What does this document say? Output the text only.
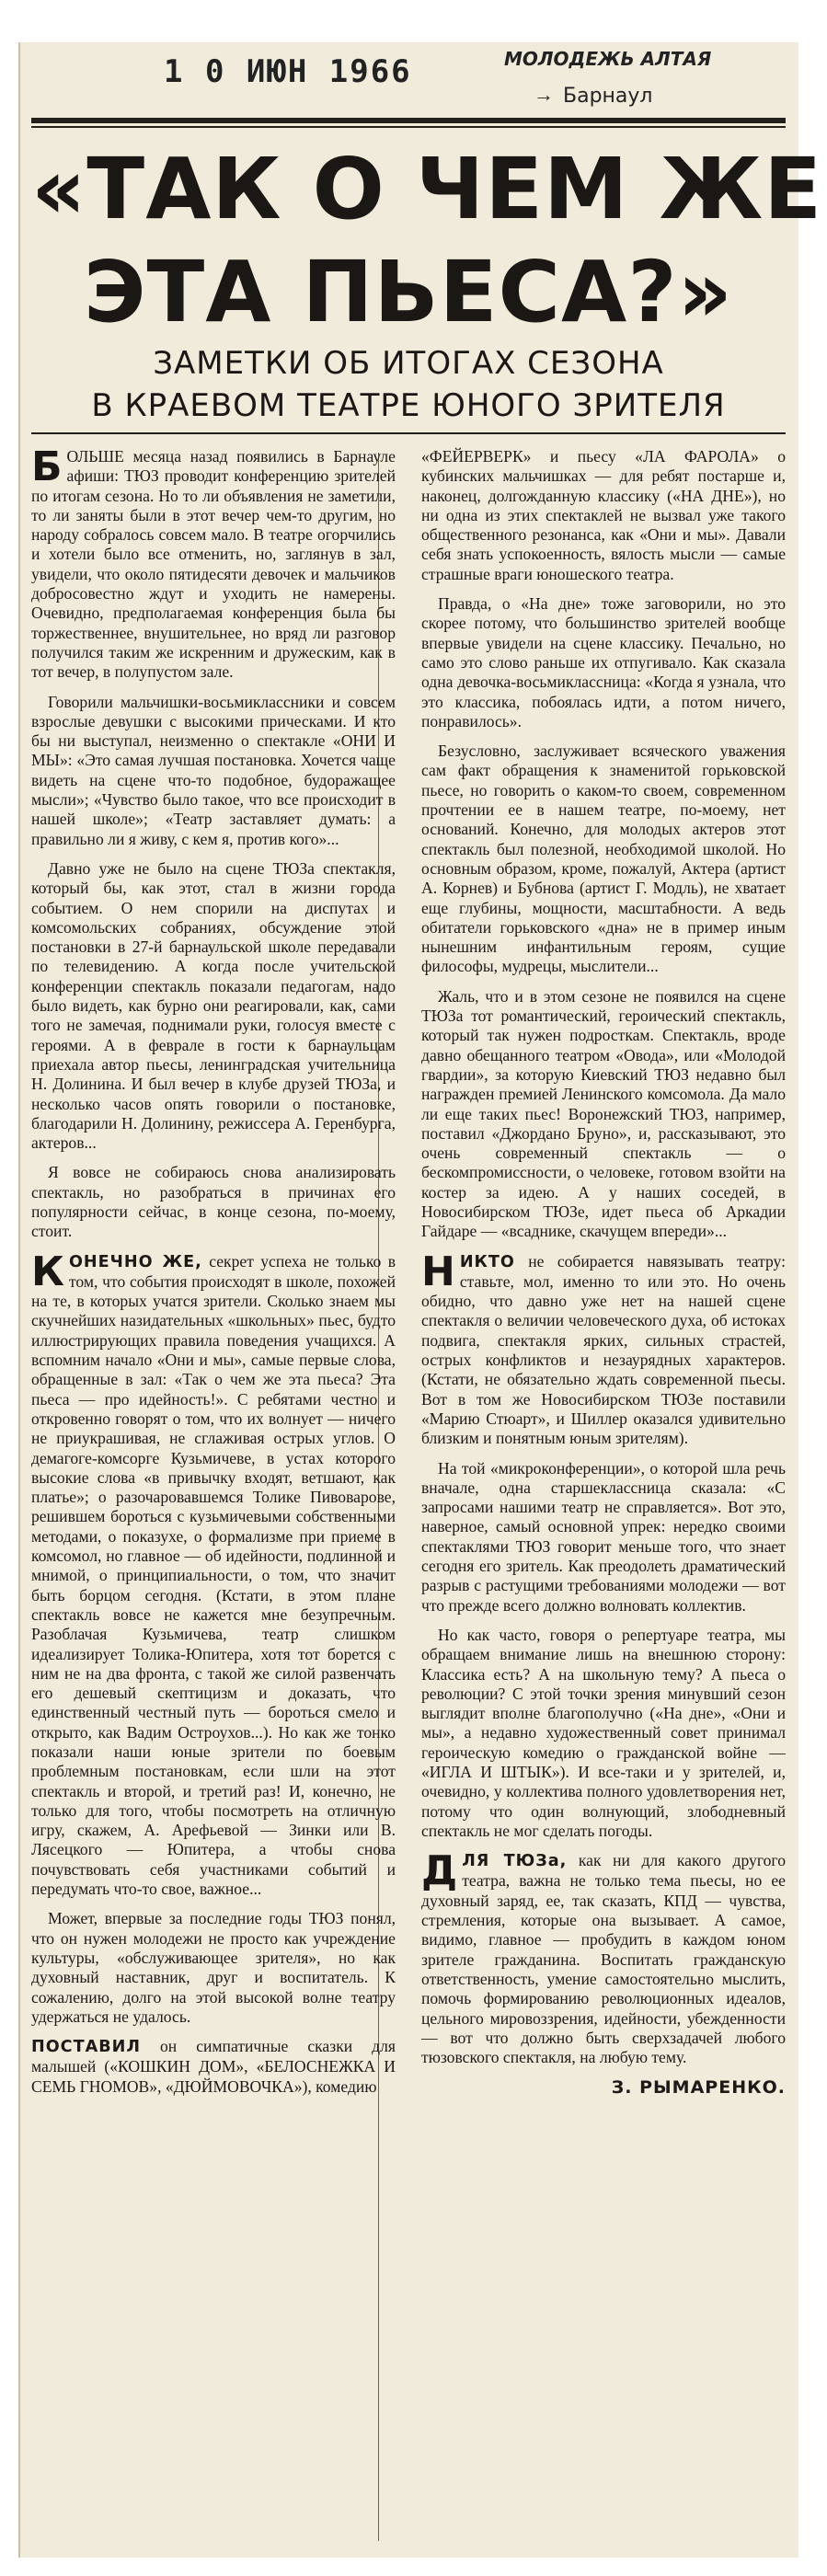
1 0 ИЮН 1966	МОЛОДЕЖЬ АЛТАЯ
→ Барнаул
«ТАК О ЧЕМ ЖЕ
ЭТА ПЬЕСА?»
ЗАМЕТКИ ОБ ИТОГАХ СЕЗОНА
В КРАЕВОМ ТЕАТРЕ ЮНОГО ЗРИТЕЛЯ

БОЛЬШЕ месяца назад появились в Барнауле афиши: ТЮЗ проводит конференцию зрителей по итогам сезона. Но то ли объявления не заметили, то ли заняты были в этот вечер чем-то другим, но народу собралось совсем мало. В театре огорчились и хотели было все отменить, но, заглянув в зал, увидели, что около пятидесяти девочек и мальчиков добросовестно ждут и уходить не намерены. Очевидно, предполагаемая конференция была бы торжественнее, внушительнее, но вряд ли разговор получился таким же искренним и дружеским, как в тот вечер, в полупустом зале.

Говорили мальчишки-восьмиклассники и совсем взрослые девушки с высокими прическами. И кто бы ни выступал, неизменно о спектакле «ОНИ И МЫ»: «Это самая лучшая постановка. Хочется чаще видеть на сцене что-то подобное, будоражащее мысли»; «Чувство было такое, что все происходит в нашей школе»; «Театр заставляет думать: а правильно ли я живу, с кем я, против кого»...

Давно уже не было на сцене ТЮЗа спектакля, который бы, как этот, стал в жизни города событием. О нем спорили на диспутах и комсомольских собраниях, обсуждение этой постановки в 27-й барнаульской школе передавали по телевидению. А когда после учительской конференции спектакль показали педагогам, надо было видеть, как бурно они реагировали, как, сами того не замечая, поднимали руки, голосуя вместе с героями. А в феврале в гости к барнаульцам приехала автор пьесы, ленинградская учительница Н. Долинина. И был вечер в клубе друзей ТЮЗа, и несколько часов опять говорили о постановке, благодарили Н. Долинину, режиссера А. Геренбурга, актеров...

Я вовсе не собираюсь снова анализировать спектакль, но разобраться в причинах его популярности сейчас, в конце сезона, по-моему, стоит.

КОНЕЧНО ЖЕ, секрет успеха не только в том, что события происходят в школе, похожей на те, в которых учатся зрители. Сколько знаем мы скучнейших назидательных «школьных» пьес, будто иллюстрирующих правила поведения учащихся. А вспомним начало «Они и мы», самые первые слова, обращенные в зал: «Так о чем же эта пьеса? Эта пьеса — про идейность!». С ребятами честно и откровенно говорят о том, что их волнует — ничего не приукрашивая, не сглаживая острых углов. О демагоге-комсорге Кузьмичеве, в устах которого высокие слова «в привычку входят, ветшают, как платье»; о разочаровавшемся Толике Пивоварове, решившем бороться с кузьмичевыми собственными методами, о показухе, о формализме при приеме в комсомол, но главное — об идейности, подлинной и мнимой, о принципиальности, о том, что значит быть борцом сегодня. (Кстати, в этом плане спектакль вовсе не кажется мне безупречным. Разоблачая Кузьмичева, театр слишком идеализирует Толика-Юпитера, хотя тот борется с ним не на два фронта, с такой же силой развенчать его дешевый скептицизм и доказать, что единственный честный путь — бороться смело и открыто, как Вадим Остроухов...). Но как же тонко показали наши юные зрители по боевым проблемным постановкам, если шли на этот спектакль и второй, и третий раз! И, конечно, не только для того, чтобы посмотреть на отличную игру, скажем, А. Арефьевой — Зинки или В. Лясецкого — Юпитера, а чтобы снова почувствовать себя участниками событий и передумать что-то свое, важное...

Может, впервые за последние годы ТЮЗ понял, что он нужен молодежи не просто как учреждение культуры, «обслуживающее зрителя», но как духовный наставник, друг и воспитатель. К сожалению, долго на этой высокой волне театру удержаться не удалось.

ПОСТАВИЛ он симпатичные сказки для малышей («КОШКИН ДОМ», «БЕЛОСНЕЖКА И СЕМЬ ГНОМОВ», «ДЮЙМОВОЧКА»), комедию

«ФЕЙЕРВЕРК» и пьесу «ЛА ФАРОЛА» о кубинских мальчишках — для ребят постарше и, наконец, долгожданную классику («НА ДНЕ»), но ни одна из этих спектаклей не вызвал уже такого общественного резонанса, как «Они и мы». Давали себя знать успокоенность, вялость мысли — самые страшные враги юношеского театра.

Правда, о «На дне» тоже заговорили, но это скорее потому, что большинство зрителей вообще впервые увидели на сцене классику. Печально, но само это слово раньше их отпугивало. Как сказала одна девочка-восьмиклассница: «Когда я узнала, что это классика, побоялась идти, а потом ничего, понравилось».

Безусловно, заслуживает всяческого уважения сам факт обращения к знаменитой горьковской пьесе, но говорить о каком-то своем, современном прочтении ее в нашем театре, по-моему, нет оснований. Конечно, для молодых актеров этот спектакль был полезной, необходимой школой. Но основным образом, кроме, пожалуй, Актера (артист А. Корнев) и Бубнова (артист Г. Модль), не хватает еще глубины, мощности, масштабности. А ведь обитатели горьковского «дна» не в пример иным нынешним инфантильным героям, сущие философы, мудрецы, мыслители...

Жаль, что и в этом сезоне не появился на сцене ТЮЗа тот романтический, героический спектакль, который так нужен подросткам. Спектакль, вроде давно обещанного театром «Овода», или «Молодой гвардии», за которую Киевский ТЮЗ недавно был награжден премией Ленинского комсомола. Да мало ли еще таких пьес! Воронежский ТЮЗ, например, поставил «Джордано Бруно», и, рассказывают, это очень современный спектакль — о бескомпромиссности, о человеке, готовом взойти на костер за идею. А у наших соседей, в Новосибирском ТЮЗе, идет пьеса об Аркадии Гайдаре — «всаднике, скачущем впереди»...

НИКТО не собирается навязывать театру: ставьте, мол, именно то или это. Но очень обидно, что давно уже нет на нашей сцене спектакля о величии человеческого духа, об истоках подвига, спектакля ярких, сильных страстей, острых конфликтов и незаурядных характеров. (Кстати, не обязательно ждать современной пьесы. Вот в том же Новосибирском ТЮЗе поставили «Марию Стюарт», и Шиллер оказался удивительно близким и понятным юным зрителям).

На той «микроконференции», о которой шла речь вначале, одна старшеклассница сказала: «С запросами нашими театр не справляется». Вот это, наверное, самый основной упрек: нередко своими спектаклями ТЮЗ говорит меньше того, что знает сегодня его зритель. Как преодолеть драматический разрыв с растущими требованиями молодежи — вот что прежде всего должно волновать коллектив.

Но как часто, говоря о репертуаре театра, мы обращаем внимание лишь на внешнюю сторону: Классика есть? А на школьную тему? А пьеса о революции? С этой точки зрения минувший сезон выглядит вполне благополучно («На дне», «Они и мы», а недавно художественный совет принимал героическую комедию о гражданской войне — «ИГЛА И ШТЫК»). И все-таки и у зрителей, и, очевидно, у коллектива полного удовлетворения нет, потому что один волнующий, злободневный спектакль не мог сделать погоды.

ДЛЯ ТЮЗа, как ни для какого другого театра, важна не только тема пьесы, но ее духовный заряд, ее, так сказать, КПД — чувства, стремления, которые она вызывает. А самое, видимо, главное — пробудить в каждом юном зрителе гражданина. Воспитать гражданскую ответственность, умение самостоятельно мыслить, помочь формированию революционных идеалов, цельного мировоззрения, идейности, убежденности — вот что должно быть сверхзадачей любого тюзовского спектакля, на любую тему.

З. РЫМАРЕНКО.
